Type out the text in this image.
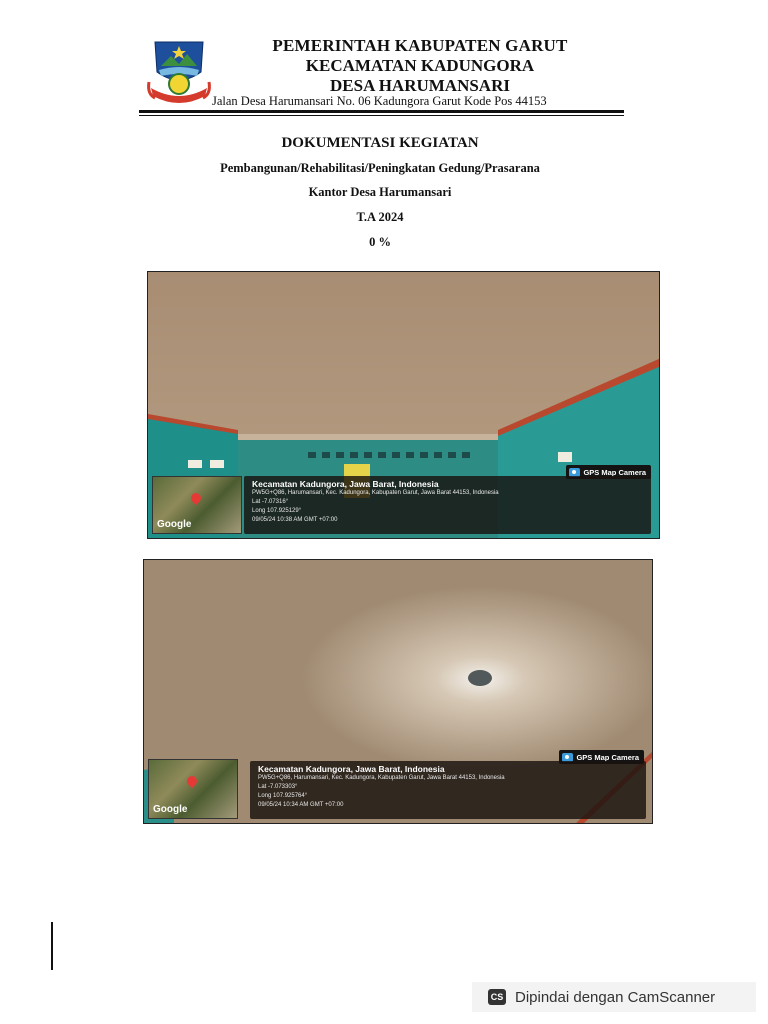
PEMERINTAH KABUPATEN GARUT
KECAMATAN KADUNGORA
DESA HARUMANSARI
Jalan Desa Harumansari No. 06 Kadungora Garut Kode Pos 44153
DOKUMENTASI KEGIATAN
Pembangunan/Rehabilitasi/Peningkatan Gedung/Prasarana
Kantor Desa Harumansari
T.A 2024
0 %
GPS Map Camera
Google
Kecamatan Kadungora, Jawa Barat, Indonesia
PW5G+Q86, Harumansari, Kec. Kadungora, Kabupaten Garut, Jawa Barat 44153, Indonesia
Lat -7.07316°
Long 107.925129°
09/05/24 10:38 AM GMT +07:00
GPS Map Camera
Google
Kecamatan Kadungora, Jawa Barat, Indonesia
PW5G+Q86, Harumansari, Kec. Kadungora, Kabupaten Garut, Jawa Barat 44153, Indonesia
Lat -7.073303°
Long 107.925764°
09/05/24 10:34 AM GMT +07:00
CS Dipindai dengan CamScanner
